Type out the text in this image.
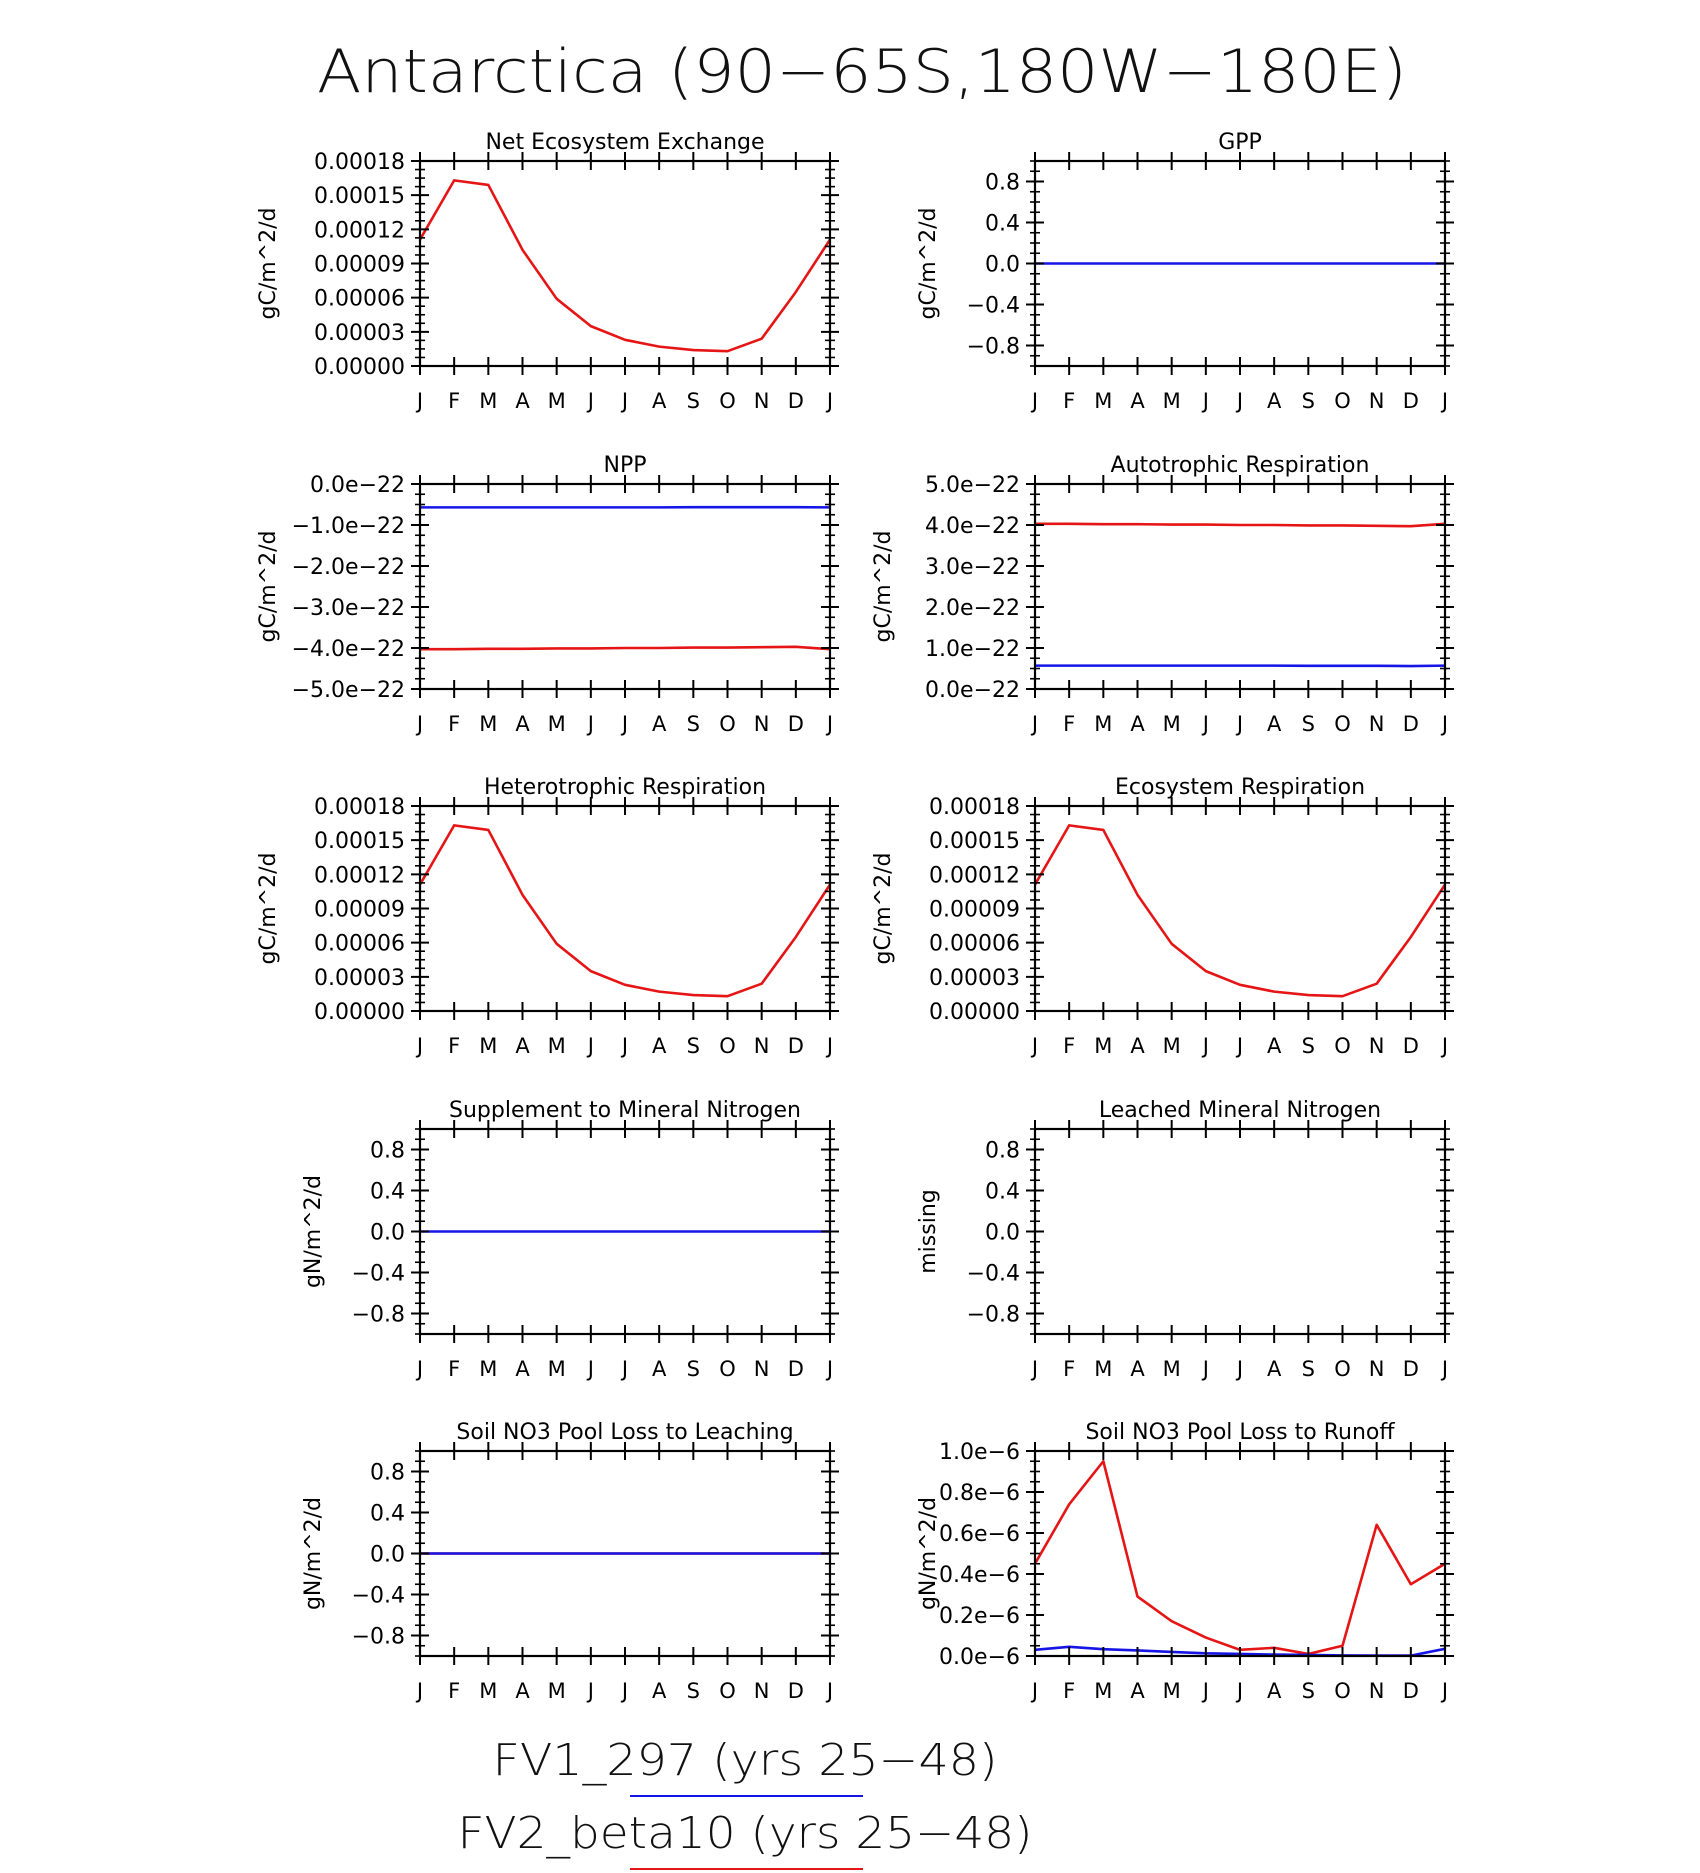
Antarctica (90−65S,180W−180E)
J F M A M J J A S O N D J
0.00000
0.00003
0.00006
0.00009
0.00012
0.00015
0.00018
Net Ecosystem Exchange
gC/m^2/d
J F M A M J J A S O N D J
−0.8
−0.4
0.0
0.4
0.8
GPP
gC/m^2/d
J F M A M J J A S O N D J
−5.0e−22
−4.0e−22
−3.0e−22
−2.0e−22
−1.0e−22
0.0e−22
NPP
gC/m^2/d
J F M A M J J A S O N D J
0.0e−22
1.0e−22
2.0e−22
3.0e−22
4.0e−22
5.0e−22
Autotrophic Respiration
gC/m^2/d
J F M A M J J A S O N D J
0.00000
0.00003
0.00006
0.00009
0.00012
0.00015
0.00018
Heterotrophic Respiration
gC/m^2/d
J F M A M J J A S O N D J
0.00000
0.00003
0.00006
0.00009
0.00012
0.00015
0.00018
Ecosystem Respiration
gC/m^2/d
J F M A M J J A S O N D J
−0.8
−0.4
0.0
0.4
0.8
Supplement to Mineral Nitrogen
gN/m^2/d
J F M A M J J A S O N D J
−0.8
−0.4
0.0
0.4
0.8
Leached Mineral Nitrogen
missing
J F M A M J J A S O N D J
−0.8
−0.4
0.0
0.4
0.8
Soil NO3 Pool Loss to Leaching
gN/m^2/d
J F M A M J J A S O N D J
0.0e−6
0.2e−6
0.4e−6
0.6e−6
0.8e−6
1.0e−6
Soil NO3 Pool Loss to Runoff
gN/m^2/d
FV1_297 (yrs 25−48)
FV2_beta10 (yrs 25−48)
